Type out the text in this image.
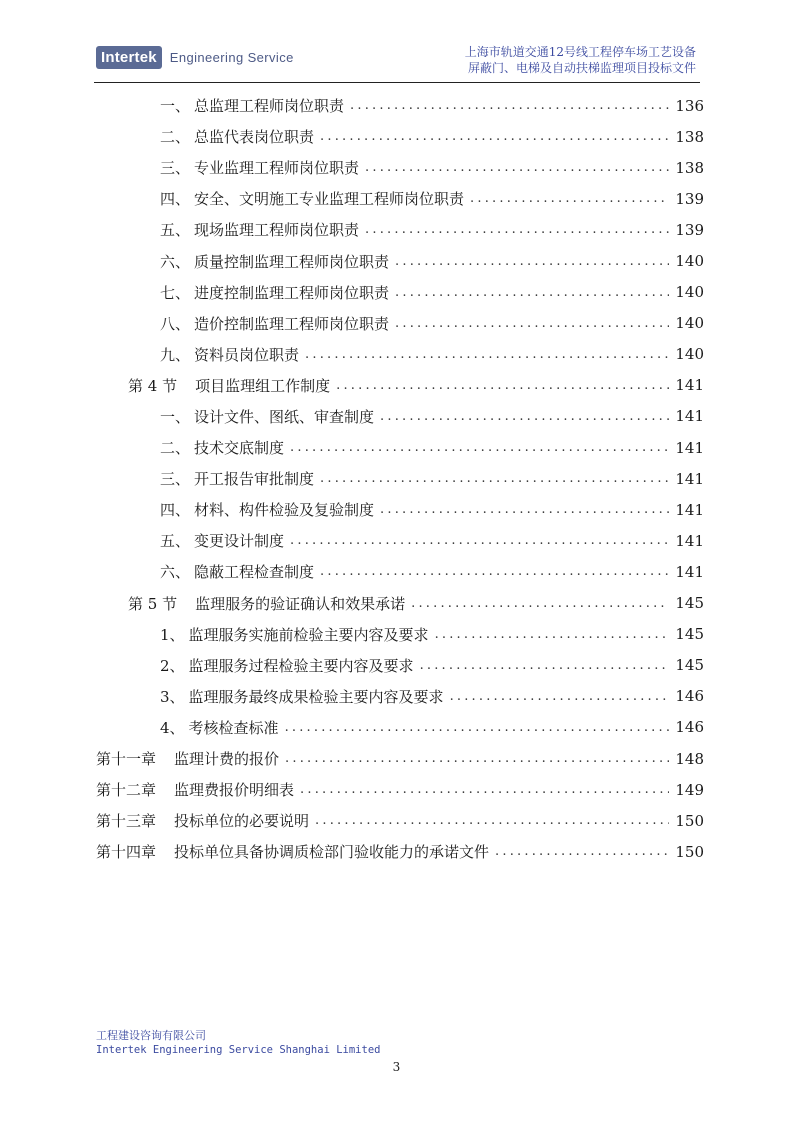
Intertek	Engineering Service	上海市轨道交通12号线工程停车场工艺设备
屏蔽门、电梯及自动扶梯监理项目投标文件
一、 总监理工程师岗位职责 .....	136
二、 总监代表岗位职责 .....	138
三、 专业监理工程师岗位职责 .....	138
四、 安全、文明施工专业监理工程师岗位职责 .....	139
五、 现场监理工程师岗位职责 .....	139
六、 质量控制监理工程师岗位职责 .....	140
七、 进度控制监理工程师岗位职责 .....	140
八、 造价控制监理工程师岗位职责 .....	140
九、 资料员岗位职责 .....	140
第 4 节 项目监理组工作制度 .....	141
一、 设计文件、图纸、审查制度 .....	141
二、 技术交底制度 .....	141
三、 开工报告审批制度 .....	141
四、 材料、构件检验及复验制度 .....	141
五、 变更设计制度 .....	141
六、 隐蔽工程检查制度 .....	141
第 5 节 监理服务的验证确认和效果承诺 .....	145
1、 监理服务实施前检验主要内容及要求 .....	145
2、 监理服务过程检验主要内容及要求 .....	145
3、 监理服务最终成果检验主要内容及要求 .....	146
4、 考核检查标准 .....	146
第十一章 监理计费的报价 .....	148
第十二章 监理费报价明细表 .....	149
第十三章 投标单位的必要说明 .....	150
第十四章 投标单位具备协调质检部门验收能力的承诺文件 .....	150
工程建设咨询有限公司
Intertek Engineering Service Shanghai Limited
3
